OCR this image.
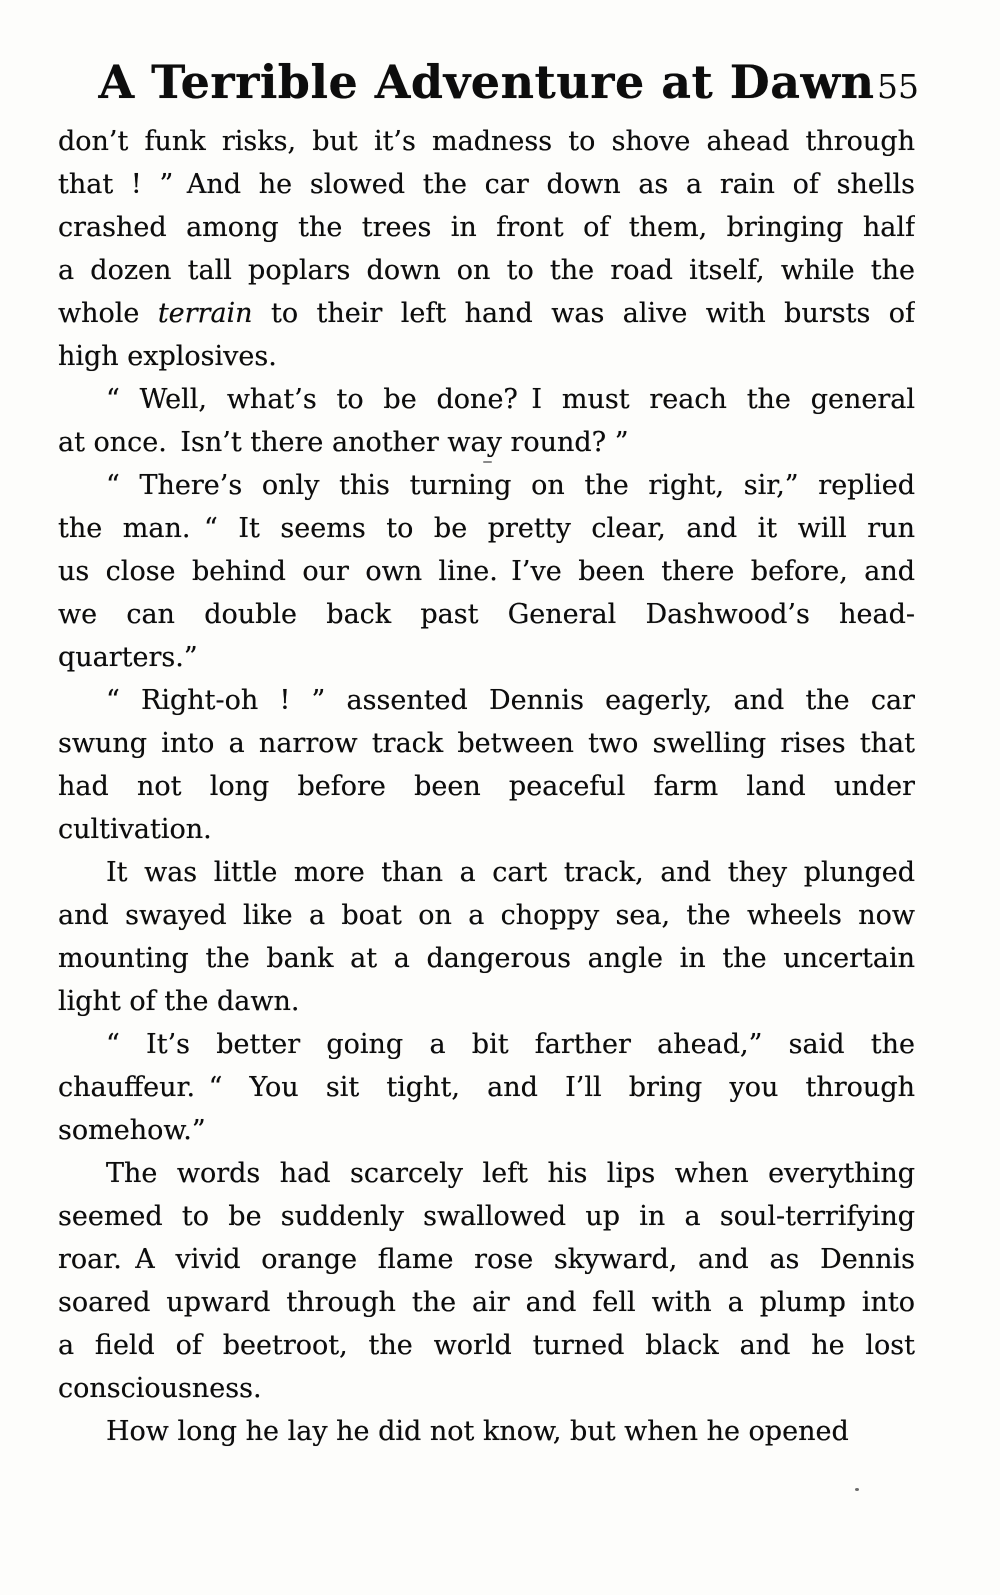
A Terrible Adventure at Dawn 55
don’t funk risks, but it’s madness to shove ahead through
that ! ” And he slowed the car down as a rain of shells
crashed among the trees in front of them, bringing half
a dozen tall poplars down on to the road itself, while the
whole terrain to their left hand was alive with bursts of
high explosives.
“ Well, what’s to be done? I must reach the general
at once. Isn’t there another way round? ”
“ There’s only this turning on the right, sir,” replied
the man. “ It seems to be pretty clear, and it will run
us close behind our own line. I’ve been there before, and
we can double back past General Dashwood’s head-
quarters.”
“ Right-oh ! ” assented Dennis eagerly, and the car
swung into a narrow track between two swelling rises that
had not long before been peaceful farm land under
cultivation.
It was little more than a cart track, and they plunged
and swayed like a boat on a choppy sea, the wheels now
mounting the bank at a dangerous angle in the uncertain
light of the dawn.
“ It’s better going a bit farther ahead,” said the
chauffeur. “ You sit tight, and I’ll bring you through
somehow.”
The words had scarcely left his lips when everything
seemed to be suddenly swallowed up in a soul-terrifying
roar. A vivid orange flame rose skyward, and as Dennis
soared upward through the air and fell with a plump into
a field of beetroot, the world turned black and he lost
consciousness.
How long he lay he did not know, but when he opened
